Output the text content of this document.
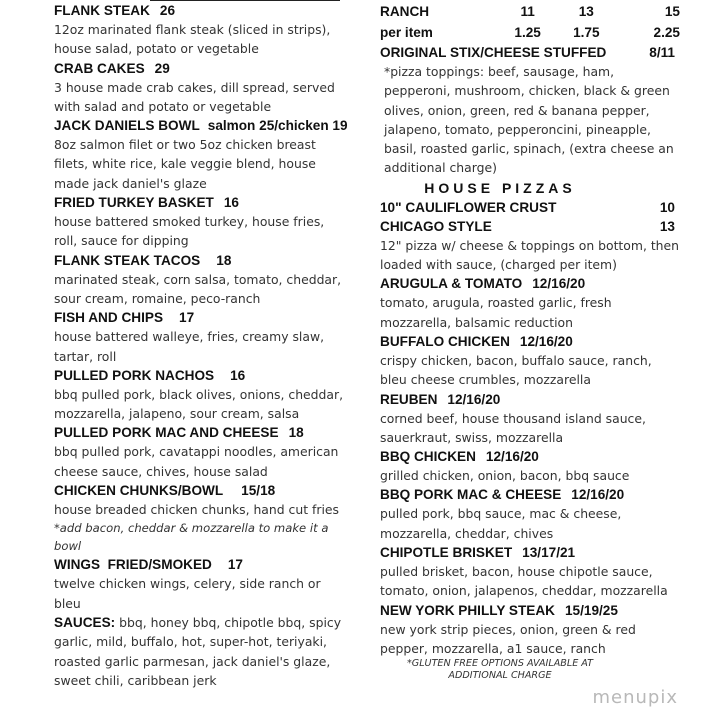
FLANK STEAK 26
12oz marinated flank steak (sliced in strips), house salad, potato or vegetable
CRAB CAKES 29
3 house made crab cakes, dill spread, served with salad and potato or vegetable
JACK DANIELS BOWL salmon 25/chicken 19
8oz salmon filet or two 5oz chicken breast filets, white rice, kale veggie blend, house made jack daniel's glaze
FRIED TURKEY BASKET 16
house battered smoked turkey, house fries, roll, sauce for dipping
FLANK STEAK TACOS 18
marinated steak, corn salsa, tomato, cheddar, sour cream, romaine, peco-ranch
FISH AND CHIPS 17
house battered walleye, fries, creamy slaw, tartar, roll
PULLED PORK NACHOS 16
bbq pulled pork, black olives, onions, cheddar, mozzarella, jalapeno, sour cream, salsa
PULLED PORK MAC AND CHEESE 18
bbq pulled pork, cavatappi noodles, american cheese sauce, chives, house salad
CHICKEN CHUNKS/BOWL 15/18
house breaded chicken chunks, hand cut fries
*add bacon, cheddar & mozzarella to make it a bowl
WINGS  FRIED/SMOKED 17
twelve chicken wings, celery, side ranch or bleu
SAUCES: bbq, honey bbq, chipotle bbq, spicy garlic, mild, buffalo, hot, super-hot, teriyaki, roasted garlic parmesan, jack daniel's glaze, sweet chili, caribbean jerk
RANCH	11	13	15
per item	1.25	1.75	2.25
ORIGINAL STIX/CHEESE STUFFED	8/11
*pizza toppings: beef, sausage, ham, pepperoni, mushroom, chicken, black & green olives, onion, green, red & banana pepper, jalapeno, tomato, pepperoncini, pineapple, basil, roasted garlic, spinach, (extra cheese an additional charge)
HOUSE PIZZAS
10" CAULIFLOWER CRUST	10
CHICAGO STYLE	13
12" pizza w/ cheese & toppings on bottom, then loaded with sauce, (charged per item)
ARUGULA & TOMATO 12/16/20
tomato, arugula, roasted garlic, fresh mozzarella, balsamic reduction
BUFFALO CHICKEN 12/16/20
crispy chicken, bacon, buffalo sauce, ranch, bleu cheese crumbles, mozzarella
REUBEN 12/16/20
corned beef, house thousand island sauce, sauerkraut, swiss, mozzarella
BBQ CHICKEN 12/16/20
grilled chicken, onion, bacon, bbq sauce
BBQ PORK MAC & CHEESE 12/16/20
pulled pork, bbq sauce, mac & cheese, mozzarella, cheddar, chives
CHIPOTLE BRISKET 13/17/21
pulled brisket, bacon, house chipotle sauce, tomato, onion, jalapenos, cheddar, mozzarella
NEW YORK PHILLY STEAK 15/19/25
new york strip pieces, onion, green & red pepper, mozzarella, a1 sauce, ranch
*GLUTEN FREE OPTIONS AVAILABLE AT ADDITIONAL CHARGE
menupix
